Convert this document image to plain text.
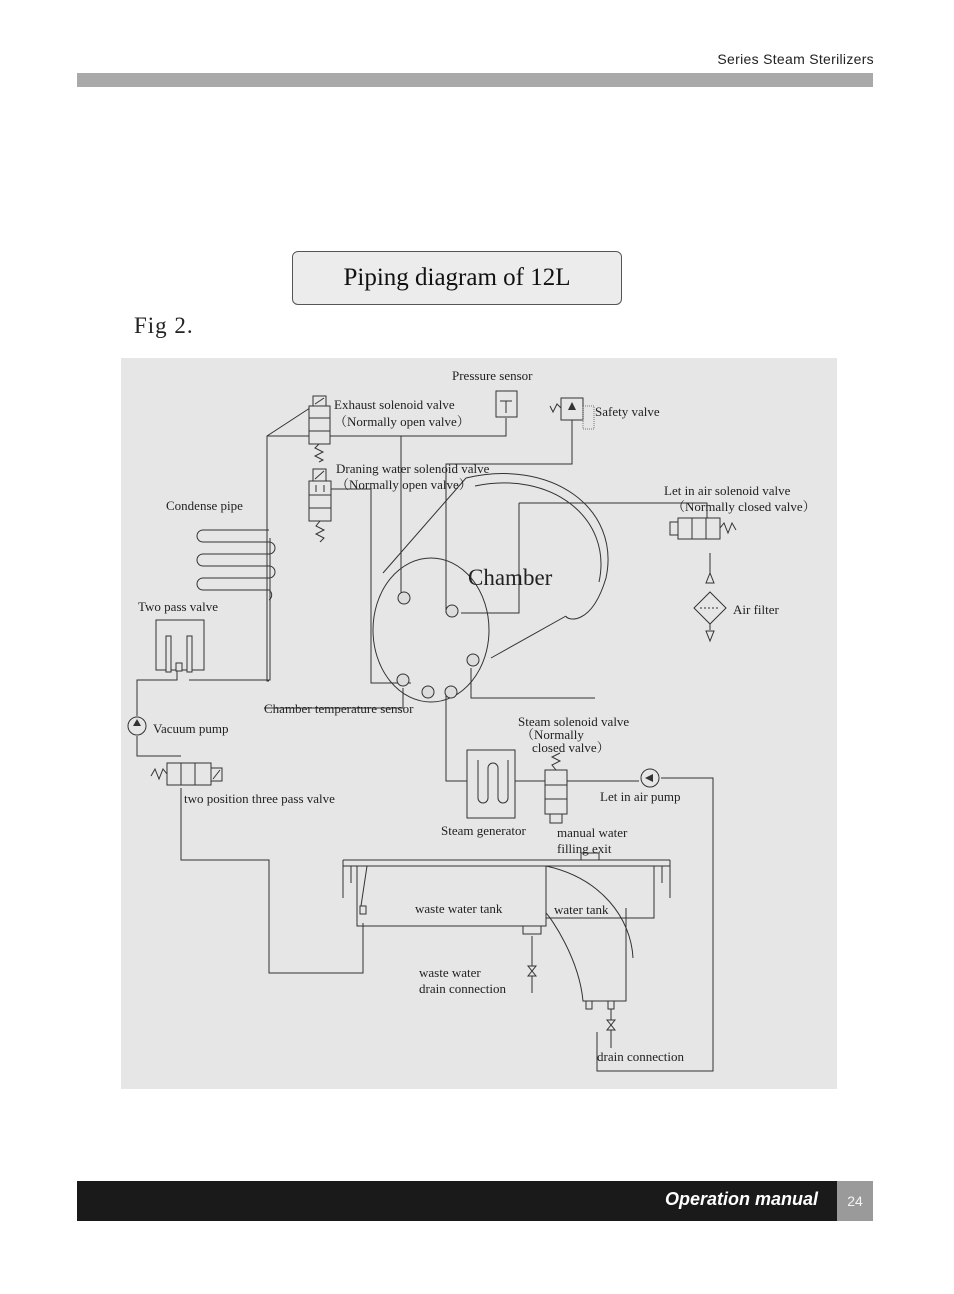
Series Steam Sterilizers
Piping diagram of 12L
Fig 2.
Pressure sensor
Exhaust solenoid valve
（Normally open valve）
Safety valve
Draning water solenoid valve
（Normally open valve）	Let in air solenoid valve
（Normally closed valve）
Condense pipe
Chamber
Two pass valve	Air filter
Chamber temperature sensor
Vacuum pump	Steam solenoid valve
（Normally
closed valve）
two position three pass valve	Let in air pump
Steam generator manual water
filling exit
waste water tank	water tank
waste water
drain connection
drain connection
Operation manual	24
